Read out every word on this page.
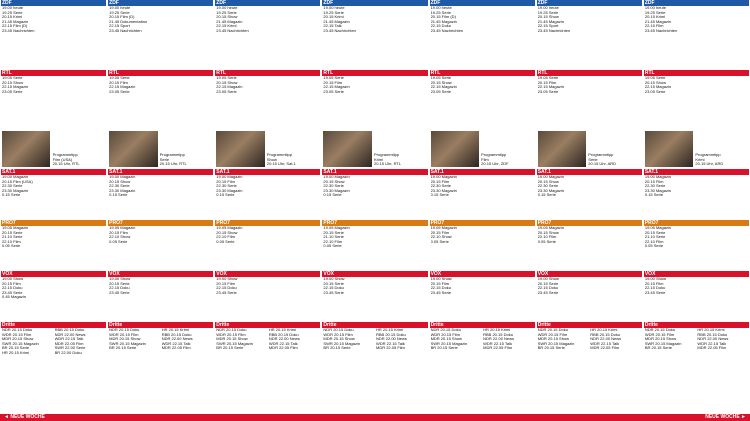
ZDF
19.00 heute
19.25 Serie
20.15 Krimi
21.45 Magazin
22.15 Film (D)
23.45 Nachrichten
ZDF
19.00 heute
19.25 Serie
20.15 Film (D)
21.45 Dokumentation
22.15 Sport
23.45 Nachrichten
ZDF
19.00 heute
19.25 Serie
20.15 Show
21.45 Magazin
22.15 Krimi
23.45 Nachrichten
ZDF
19.00 heute
19.25 Serie
20.15 Krimi
21.45 Magazin
22.15 Talk
23.45 Nachrichten
ZDF
19.00 heute
19.25 Serie
20.15 Film (D)
21.45 Magazin
22.15 Doku
23.45 Nachrichten
ZDF
19.00 heute
19.25 Serie
20.15 Show
21.45 Magazin
22.15 Sport
23.45 Nachrichten
ZDF
19.00 heute
19.25 Serie
20.15 Krimi
21.45 Magazin
22.15 Film
23.45 Nachrichten
RTL
19.05 Serie
20.15 Show
22.15 Magazin
23.05 Serie
Programmtipp
Film (USA)
20.15 Uhr, RTL
RTL
19.05 Serie
20.15 Film
22.15 Magazin
23.05 Serie
Programmtipp
Serie
20.15 Uhr, RTL
RTL
19.05 Serie
20.15 Show
22.15 Magazin
23.05 Serie
Programmtipp
Show
20.15 Uhr, Sat.1
RTL
19.05 Serie
20.15 Film
22.15 Magazin
23.05 Serie
Programmtipp
Krimi
20.15 Uhr, RTL
RTL
19.05 Serie
20.15 Show
22.15 Magazin
23.05 Serie
Programmtipp
Film
20.15 Uhr, ZDF
RTL
19.05 Serie
20.15 Film
22.15 Magazin
23.05 Serie
Programmtipp
Serie
20.15 Uhr, ARD
RTL
19.05 Serie
20.15 Show
22.15 Magazin
23.05 Serie
Programmtipp
Krimi
20.15 Uhr, ARD
SAT.1
19.00 Magazin
20.15 Film (USA)
22.30 Serie
23.30 Magazin
0.15 Serie
SAT.1
19.00 Magazin
20.15 Show
22.30 Serie
23.30 Magazin
0.15 Serie
SAT.1
19.00 Magazin
20.15 Film
22.30 Serie
23.30 Magazin
0.15 Serie
SAT.1
19.00 Magazin
20.15 Show
22.30 Serie
23.30 Magazin
0.15 Serie
SAT.1
19.00 Magazin
20.15 Film
22.30 Serie
23.30 Magazin
0.15 Serie
SAT.1
19.00 Magazin
20.15 Show
22.30 Serie
23.30 Magazin
0.15 Serie
SAT.1
19.00 Magazin
20.15 Film
22.30 Serie
23.30 Magazin
0.15 Serie
PRO7
19.05 Magazin
20.15 Serie
21.10 Serie
22.10 Film
0.05 Serie
PRO7
19.05 Magazin
20.15 Film
22.10 Show
0.05 Serie
PRO7
19.05 Magazin
20.15 Show
22.10 Film
0.05 Serie
PRO7
19.05 Magazin
20.15 Serie
21.10 Serie
22.10 Film
0.05 Serie
PRO7
19.05 Magazin
20.15 Film
22.10 Show
0.05 Serie
PRO7
19.05 Magazin
20.15 Show
22.10 Film
0.05 Serie
PRO7
19.05 Magazin
20.15 Serie
21.10 Serie
22.10 Film
0.05 Serie
VOX
19.00 Show
20.15 Film
22.15 Doku
23.45 Serie
0.45 Magazin
VOX
19.00 Show
20.15 Serie
22.15 Doku
23.45 Serie
VOX
19.00 Show
20.15 Film
22.15 Doku
23.45 Serie
VOX
19.00 Show
20.15 Serie
22.15 Doku
23.45 Serie
VOX
19.00 Show
20.15 Film
22.15 Doku
23.45 Serie
VOX
19.00 Show
20.15 Serie
22.15 Doku
23.45 Serie
VOX
19.00 Show
20.15 Film
22.15 Doku
23.45 Serie
Dritte
NDR 20.15 Doku
WDR 20.15 Film
MDR 20.15 Show
SWR 20.15 Magazin
BR 20.15 Serie
HR 20.15 Krimi
RBB 20.15 Doku
NDR 22.00 News
WDR 22.15 Talk
MDR 22.05 Film
SWR 22.00 Serie
BR 22.00 Doku
Dritte
NDR 20.15 Doku
WDR 20.15 Film
MDR 20.15 Show
SWR 20.15 Magazin
BR 20.15 Serie
HR 20.15 Krimi
RBB 20.15 Doku
NDR 22.00 News
WDR 22.15 Talk
MDR 22.05 Film
Dritte
NDR 20.15 Doku
WDR 20.15 Film
MDR 20.15 Show
SWR 20.15 Magazin
BR 20.15 Serie
HR 20.15 Krimi
RBB 20.15 Doku
NDR 22.00 News
WDR 22.15 Talk
MDR 22.05 Film
Dritte
NDR 20.15 Doku
WDR 20.15 Film
MDR 20.15 Show
SWR 20.15 Magazin
BR 20.15 Serie
HR 20.15 Krimi
RBB 20.15 Doku
NDR 22.00 News
WDR 22.15 Talk
MDR 22.05 Film
Dritte
NDR 20.15 Doku
WDR 20.15 Film
MDR 20.15 Show
SWR 20.15 Magazin
BR 20.15 Serie
HR 20.15 Krimi
RBB 20.15 Doku
NDR 22.00 News
WDR 22.15 Talk
MDR 22.05 Film
Dritte
NDR 20.15 Doku
WDR 20.15 Film
MDR 20.15 Show
SWR 20.15 Magazin
BR 20.15 Serie
HR 20.15 Krimi
RBB 20.15 Doku
NDR 22.00 News
WDR 22.15 Talk
MDR 22.05 Film
Dritte
NDR 20.15 Doku
WDR 20.15 Film
MDR 20.15 Show
SWR 20.15 Magazin
BR 20.15 Serie
HR 20.15 Krimi
RBB 20.15 Doku
NDR 22.00 News
WDR 22.15 Talk
MDR 22.05 Film
◄ NEUE WOCHE	NEUE WOCHE ►
